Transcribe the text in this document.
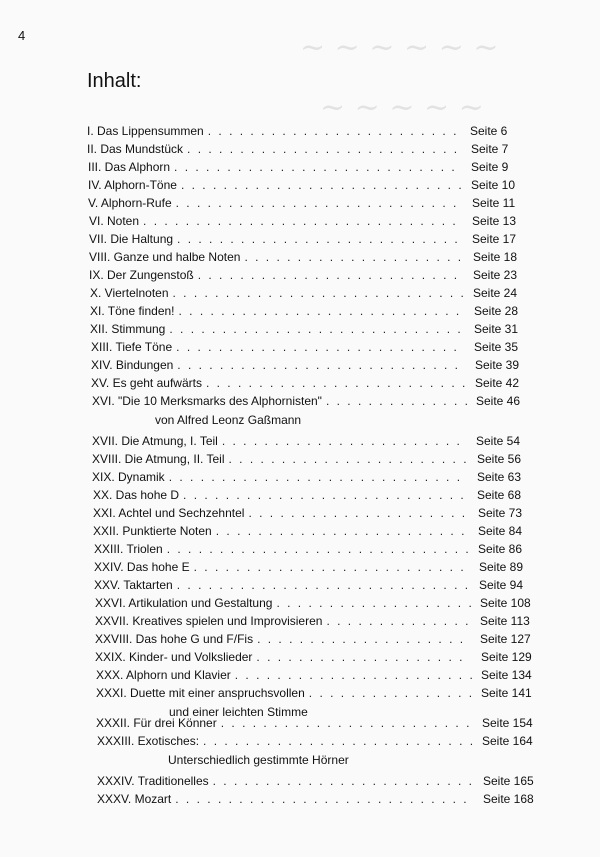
~ ~ ~ ~ ~ ~
~ ~ ~ ~ ~
4
Inhalt:
I. Das Lippensummen . . . . . . . . . . . . . . . . . . . . . . . . Seite 6
II. Das Mundstück . . . . . . . . . . . . . . . . . . . . . . . . . . Seite 7
III. Das Alphorn . . . . . . . . . . . . . . . . . . . . . . . . . . .	Seite 9
IV. Alphorn-Töne . . . . . . . . . . . . . . . . . . . . . . . . . . . Seite 10
V. Alphorn-Rufe . . . . . . . . . . . . . . . . . . . . . . . . . . .	Seite 11
VI. Noten . . . . . . . . . . . . . . . . . . . . . . . . . . . . . .	Seite 13
VII. Die Haltung . . . . . . . . . . . . . . . . . . . . . . . . . . .	Seite 17
VIII. Ganze und halbe Noten . . . . . . . . . . . . . . . . . . . . . Seite 18
IX. Der Zungenstoß . . . . . . . . . . . . . . . . . . . . . . . . .	Seite 23
X. Viertelnoten . . . . . . . . . . . . . . . . . . . . . . . . . . . . Seite 24
XI. Töne finden! . . . . . . . . . . . . . . . . . . . . . . . . . . .	Seite 28
XII. Stimmung . . . . . . . . . . . . . . . . . . . . . . . . . . . . Seite 31
XIII. Tiefe Töne . . . . . . . . . . . . . . . . . . . . . . . . . . .	Seite 35
XIV. Bindungen . . . . . . . . . . . . . . . . . . . . . . . . . . .	Seite 39
XV. Es geht aufwärts . . . . . . . . . . . . . . . . . . . . . . . . . Seite 42
XVI. "Die 10 Merksmarks des Alphornisten" . . . . . . . . . . . . . . Seite 46
von Alfred Leonz Gaßmann
XVII. Die Atmung, I. Teil . . . . . . . . . . . . . . . . . . . . . . .	Seite 54
XVIII. Die Atmung, II. Teil . . . . . . . . . . . . . . . . . . . . . . . Seite 56
XIX. Dynamik . . . . . . . . . . . . . . . . . . . . . . . . . . . .	Seite 63
XX. Das hohe D . . . . . . . . . . . . . . . . . . . . . . . . . . . Seite 68
XXI. Achtel und Sechzehntel . . . . . . . . . . . . . . . . . . . . . Seite 73
XXII. Punktierte Noten . . . . . . . . . . . . . . . . . . . . . . . . Seite 84
XXIII. Triolen . . . . . . . . . . . . . . . . . . . . . . . . . . . . . Seite 86
XXIV. Das hohe E . . . . . . . . . . . . . . . . . . . . . . . . . .	Seite 89
XXV. Taktarten . . . . . . . . . . . . . . . . . . . . . . . . . . . . Seite 94
XXVI. Artikulation und Gestaltung . . . . . . . . . . . . . . . . . . . Seite 108
XXVII. Kreatives spielen und Improvisieren . . . . . . . . . . . . . . Seite 113
XXVIII. Das hohe G und F/Fis . . . . . . . . . . . . . . . . . . . .	Seite 127
XXIX. Kinder- und Volkslieder . . . . . . . . . . . . . . . . . . . .	Seite 129
XXX. Alphorn und Klavier . . . . . . . . . . . . . . . . . . . . . . . Seite 134
XXXI. Duette mit einer anspruchsvollen . . . . . . . . . . . . . . . . Seite 141
und einer leichten Stimme
XXXII. Für drei Könner . . . . . . . . . . . . . . . . . . . . . . . . Seite 154
XXXIII. Exotisches: . . . . . . . . . . . . . . . . . . . . . . . . . . Seite 164
Unterschiedlich gestimmte Hörner
XXXIV. Traditionelles . . . . . . . . . . . . . . . . . . . . . . . . . Seite 165
XXXV. Mozart . . . . . . . . . . . . . . . . . . . . . . . . . . . .	Seite 168
